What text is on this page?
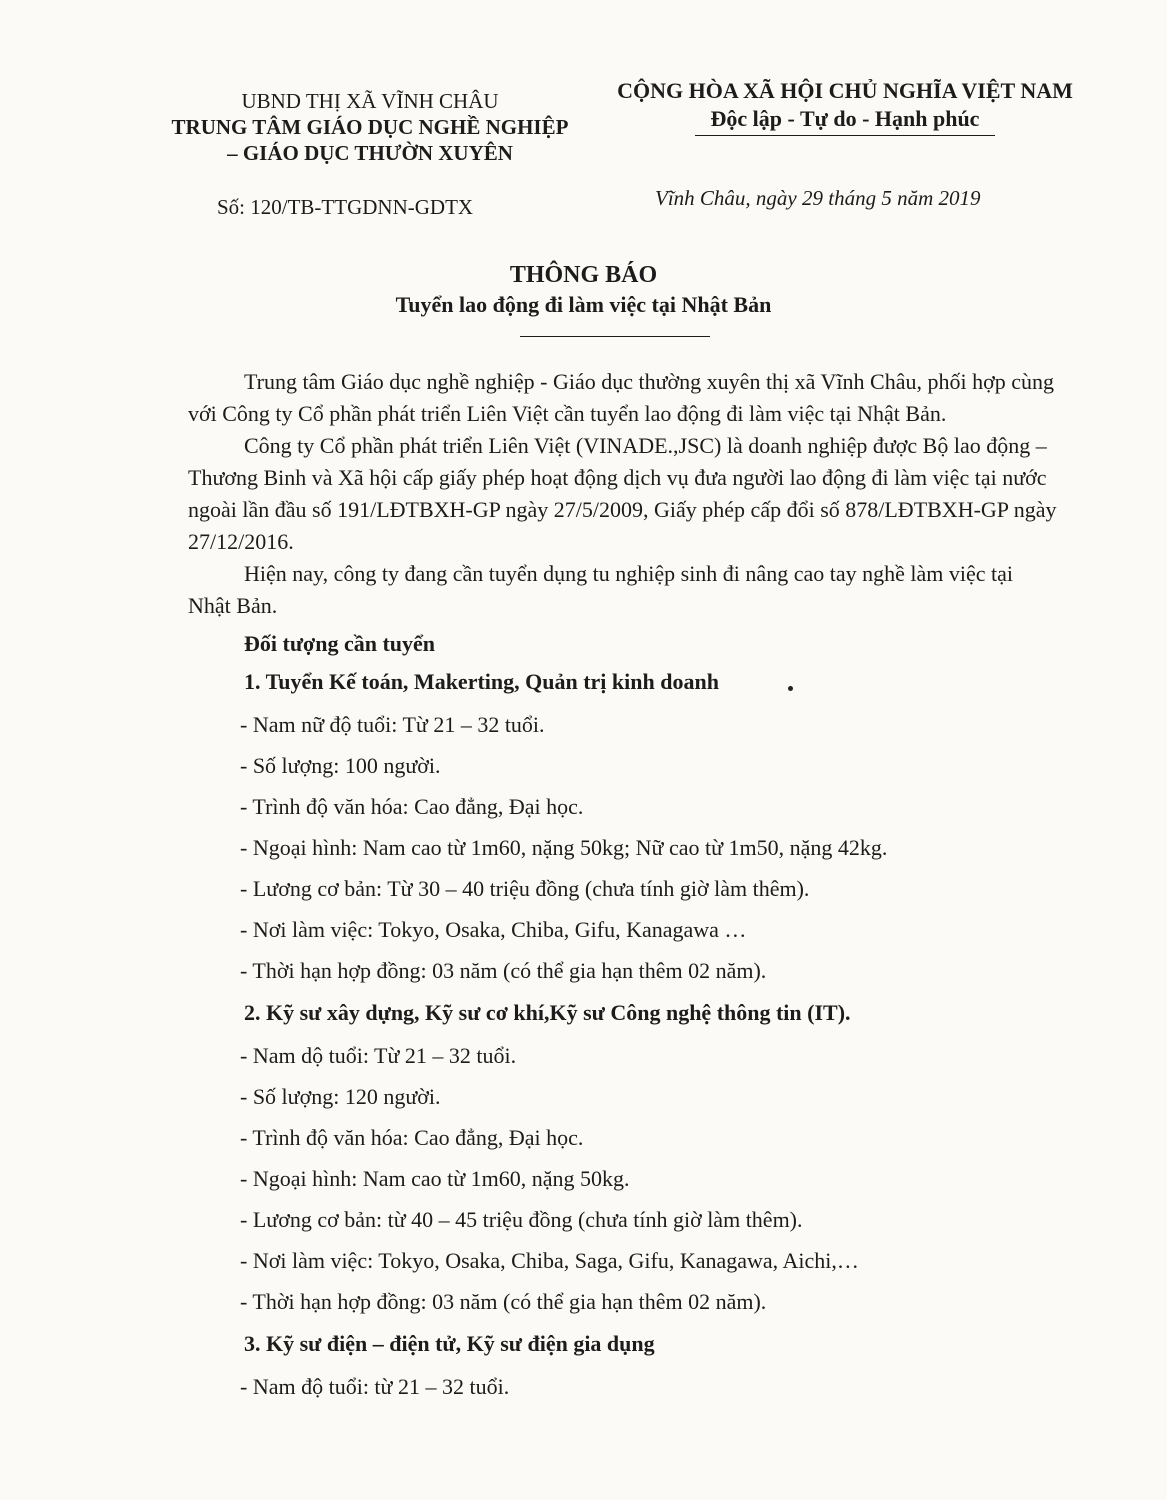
UBND THỊ XÃ VĨNH CHÂU
TRUNG TÂM GIÁO DỤC NGHỀ NGHIỆP
– GIÁO DỤC THƯỜN XUYÊN
CỘNG HÒA XÃ HỘI CHỦ NGHĨA VIỆT NAM
Độc lập - Tự do - Hạnh phúc
Số: 120/TB-TTGDNN-GDTX	Vĩnh Châu, ngày 29 tháng 5 năm 2019
THÔNG BÁO
Tuyển lao động đi làm việc tại Nhật Bản

Trung tâm Giáo dục nghề nghiệp - Giáo dục thường xuyên thị xã Vĩnh Châu, phối hợp cùng với Công ty Cổ phần phát triển Liên Việt cần tuyển lao động đi làm việc tại Nhật Bản.

Công ty Cổ phần phát triển Liên Việt (VINADE.,JSC) là doanh nghiệp được Bộ lao động – Thương Binh và Xã hội cấp giấy phép hoạt động dịch vụ đưa người lao động đi làm việc tại nước ngoài lần đầu số 191/LĐTBXH-GP ngày 27/5/2009, Giấy phép cấp đổi số 878/LĐTBXH-GP ngày 27/12/2016.

Hiện nay, công ty đang cần tuyển dụng tu nghiệp sinh đi nâng cao tay nghề làm việc tại Nhật Bản.

Đối tượng cần tuyển
1. Tuyển Kế toán, Makerting, Quản trị kinh doanh
- Nam nữ độ tuổi: Từ 21 – 32 tuổi.
- Số lượng: 100 người.
- Trình độ văn hóa: Cao đẳng, Đại học.
- Ngoại hình: Nam cao từ 1m60, nặng 50kg; Nữ cao từ 1m50, nặng 42kg.
- Lương cơ bản: Từ 30 – 40 triệu đồng (chưa tính giờ làm thêm).
- Nơi làm việc: Tokyo, Osaka, Chiba, Gifu, Kanagawa …
- Thời hạn hợp đồng: 03 năm (có thể gia hạn thêm 02 năm).
2. Kỹ sư xây dựng, Kỹ sư cơ khí,Kỹ sư Công nghệ thông tin (IT).
- Nam dộ tuổi: Từ 21 – 32 tuổi.
- Số lượng: 120 người.
- Trình độ văn hóa: Cao đẳng, Đại học.
- Ngoại hình: Nam cao từ 1m60, nặng 50kg.
- Lương cơ bản: từ 40 – 45 triệu đồng (chưa tính giờ làm thêm).
- Nơi làm việc: Tokyo, Osaka, Chiba, Saga, Gifu, Kanagawa, Aichi,…
- Thời hạn hợp đồng: 03 năm (có thể gia hạn thêm 02 năm).
3. Kỹ sư điện – điện tử, Kỹ sư điện gia dụng
- Nam độ tuổi: từ 21 – 32 tuổi.
